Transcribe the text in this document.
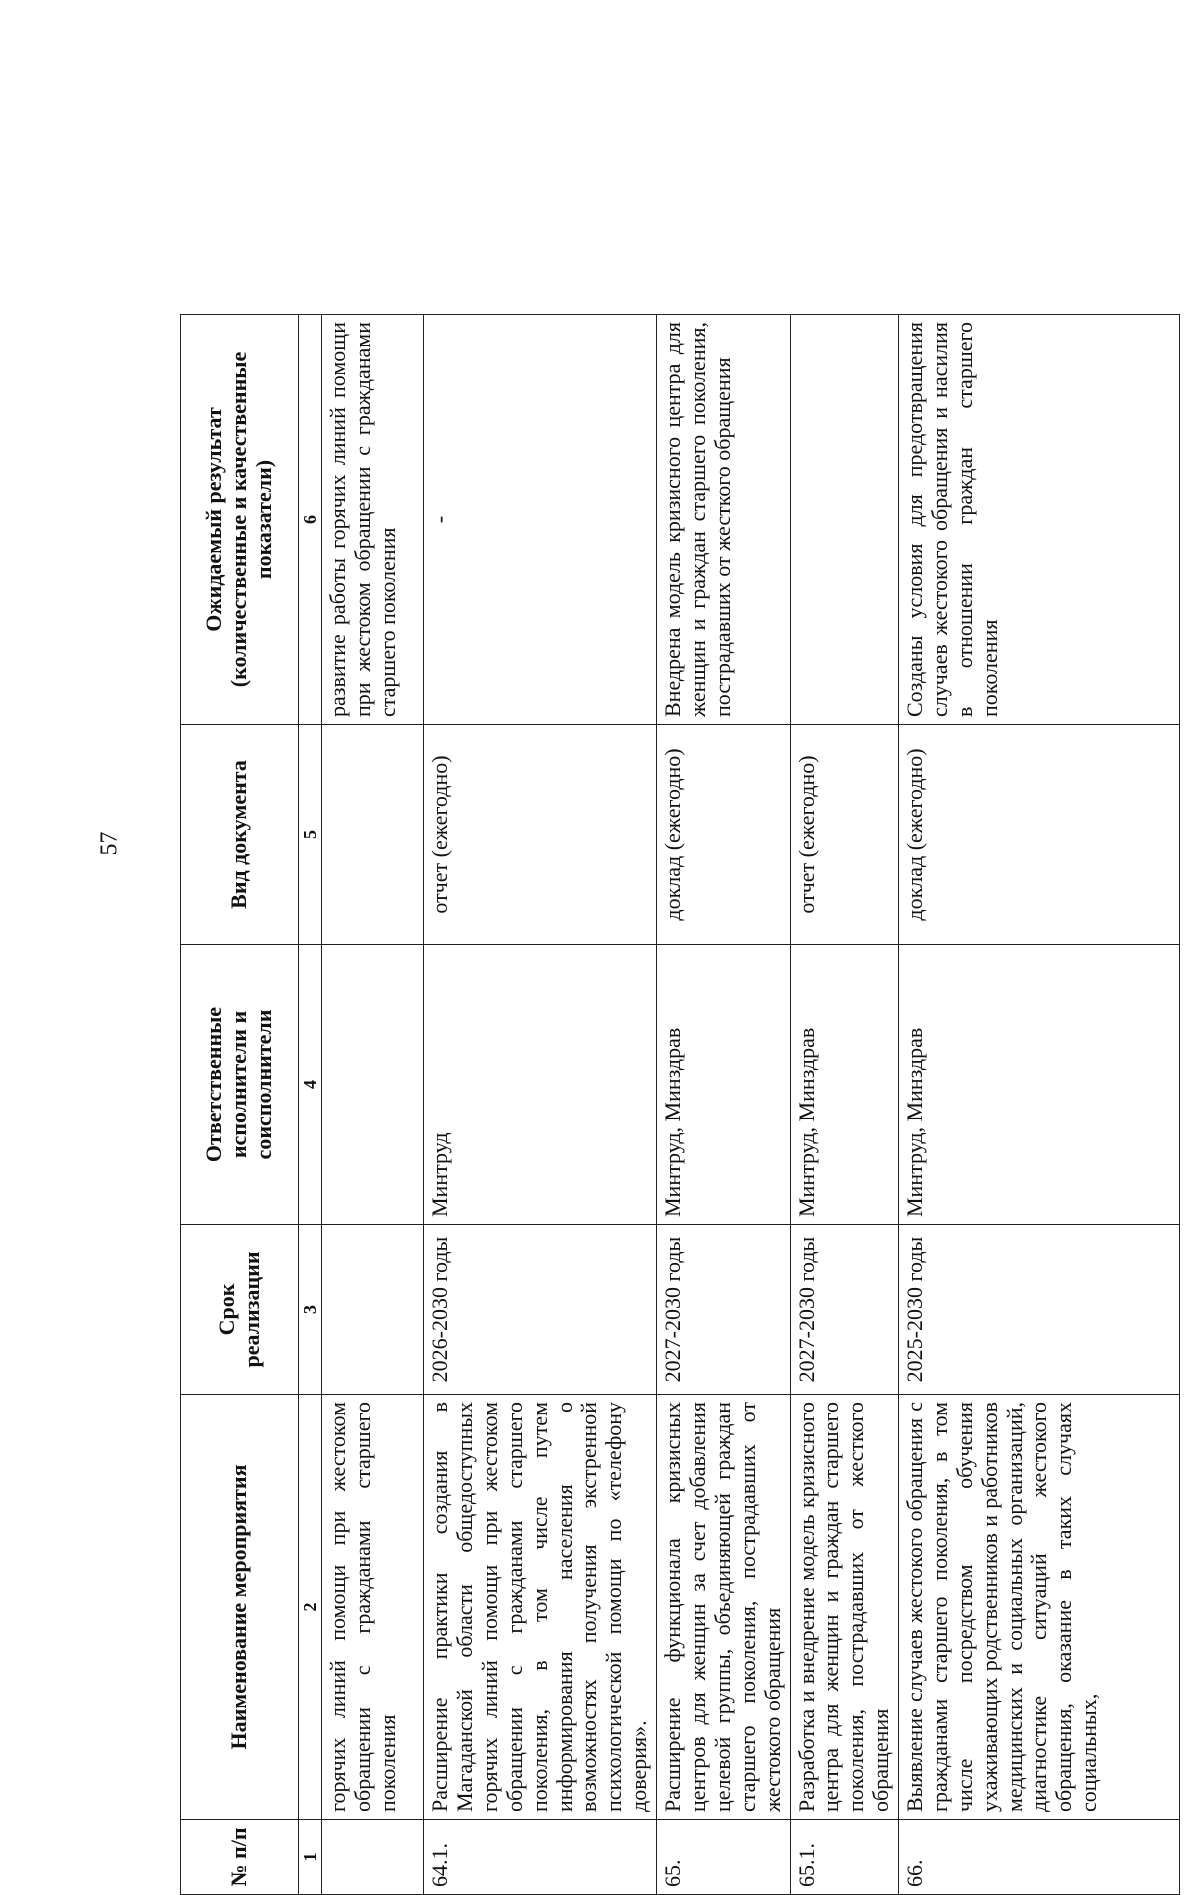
57
№ п/п	Наименование мероприятия	Срок реализации	Ответственные исполнители и соисполнители	Вид документа	Ожидаемый результат (количественные и качественные показатели)
1	2	3	4	5	6
	горячих линий помощи при жестоком обращении с гражданами старшего поколения				развитие работы горячих линий помощи при жестоком обращении с гражданами старшего поколения
64.1.	Расширение практики создания в Магаданской области общедоступных горячих линий помощи при жестоком обращении с гражданами старшего поколения, в том числе путем информирования населения о возможностях получения экстренной психологической помощи по «телефону доверия».	2026-2030 годы	Минтруд	отчет (ежегодно)	-
65.	Расширение функционала кризисных центров для женщин за счет добавления целевой группы, объединяющей граждан старшего поколения, пострадавших от жестокого обращения	2027-2030 годы	Минтруд, Минздрав	доклад (ежегодно)	Внедрена модель кризисного центра для женщин и граждан старшего поколения, пострадавших от жесткого обращения
65.1.	Разработка и внедрение модель кризисного центра для женщин и граждан старшего поколения, пострадавших от жесткого обращения	2027-2030 годы	Минтруд, Минздрав	отчет (ежегодно)	
66.	Выявление случаев жестокого обращения с гражданами старшего поколения, в том числе посредством обучения ухаживающих родственников и работников медицинских и социальных организаций, диагностике ситуаций жестокого обращения, оказание в таких случаях социальных,	2025-2030 годы	Минтруд, Минздрав	доклад (ежегодно)	Созданы условия для предотвращения случаев жестокого обращения и насилия в отношении граждан старшего поколения
